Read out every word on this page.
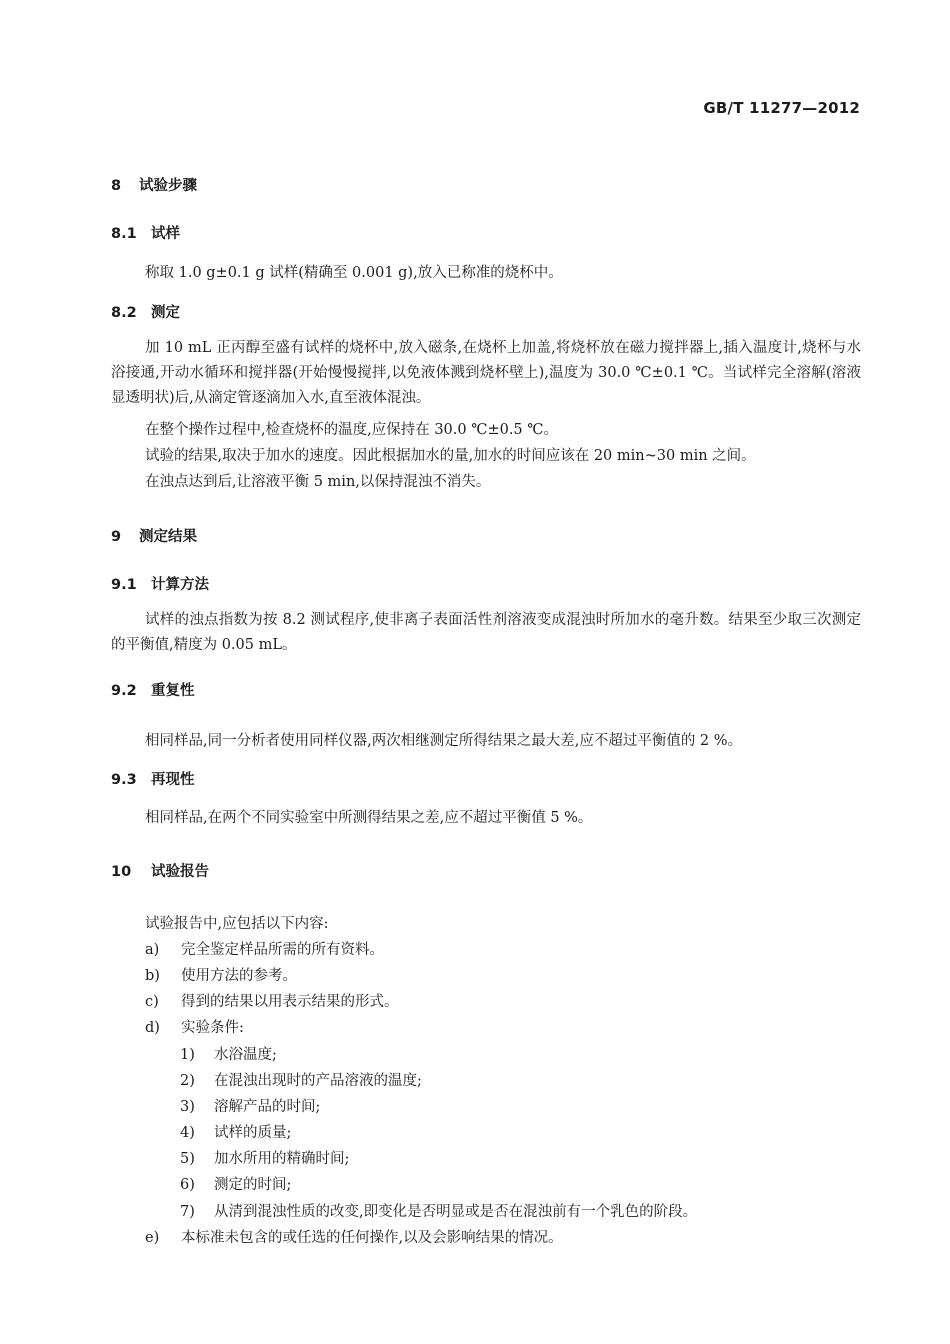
GB/T 11277—2012
8 试验步骤
8.1 试样
称取 1.0 g±0.1 g 试样(精确至 0.001 g),放入已称准的烧杯中。
8.2 测定
加 10 mL 正丙醇至盛有试样的烧杯中,放入磁条,在烧杯上加盖,将烧杯放在磁力搅拌器上,插入温度计,烧杯与水浴接通,开动水循环和搅拌器(开始慢慢搅拌,以免液体溅到烧杯壁上),温度为 30.0 ℃±0.1 ℃。当试样完全溶解(溶液显透明状)后,从滴定管逐滴加入水,直至液体混浊。
在整个操作过程中,检查烧杯的温度,应保持在 30.0 ℃±0.5 ℃。
试验的结果,取决于加水的速度。因此根据加水的量,加水的时间应该在 20 min~30 min 之间。
在浊点达到后,让溶液平衡 5 min,以保持混浊不消失。
9 测定结果
9.1 计算方法
试样的浊点指数为按 8.2 测试程序,使非离子表面活性剂溶液变成混浊时所加水的毫升数。结果至少取三次测定的平衡值,精度为 0.05 mL。
9.2 重复性
相同样品,同一分析者使用同样仪器,两次相继测定所得结果之最大差,应不超过平衡值的 2 %。
9.3 再现性
相同样品,在两个不同实验室中所测得结果之差,应不超过平衡值 5 %。
10 试验报告
试验报告中,应包括以下内容:
a) 完全鉴定样品所需的所有资料。
b) 使用方法的参考。
c) 得到的结果以用表示结果的形式。
d) 实验条件:
1) 水浴温度;
2) 在混浊出现时的产品溶液的温度;
3) 溶解产品的时间;
4) 试样的质量;
5) 加水所用的精确时间;
6) 测定的时间;
7) 从清到混浊性质的改变,即变化是否明显或是否在混浊前有一个乳色的阶段。
e) 本标准未包含的或任选的任何操作,以及会影响结果的情况。
